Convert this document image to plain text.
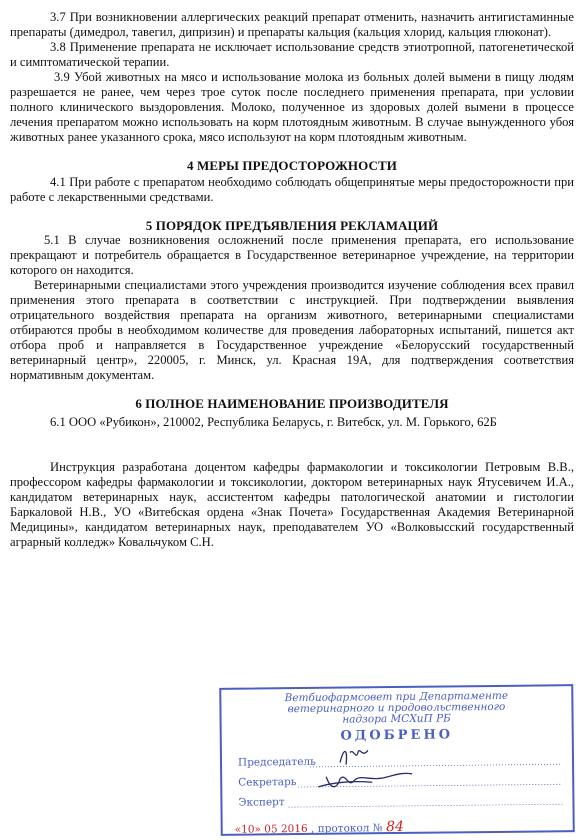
3.7 При возникновении аллергических реакций препарат отменить, назначить антигистаминные препараты (димедрол, тавегил, дипризин) и препараты кальция (кальция хлорид, кальция глюконат).

3.8 Применение препарата не исключает использование средств этиотропной, патогенетической и симптоматической терапии.

3.9 Убой животных на мясо и использование молока из больных долей вымени в пищу людям разрешается не ранее, чем через трое суток после последнего применения препарата, при условии полного клинического выздоровления. Молоко, полученное из здоровых долей вымени в процессе лечения препаратом можно использовать на корм плотоядным животным. В случае вынужденного убоя животных ранее указанного срока, мясо используют на корм плотоядным животным.

4 МЕРЫ ПРЕДОСТОРОЖНОСТИ

4.1 При работе с препаратом необходимо соблюдать общепринятые меры предосторожности при работе с лекарственными средствами.

5 ПОРЯДОК ПРЕДЪЯВЛЕНИЯ РЕКЛАМАЦИЙ

5.1 В случае возникновения осложнений после применения препарата, его использование прекращают и потребитель обращается в Государственное ветеринарное учреждение, на территории которого он находится.

Ветеринарными специалистами этого учреждения производится изучение соблюдения всех правил применения этого препарата в соответствии с инструкцией. При подтверждении выявления отрицательного воздействия препарата на организм животного, ветеринарными специалистами отбираются пробы в необходимом количестве для проведения лабораторных испытаний, пишется акт отбора проб и направляется в Государственное учреждение «Белорусский государственный ветеринарный центр», 220005, г. Минск, ул. Красная 19А, для подтверждения соответствия нормативным документам.

6 ПОЛНОЕ НАИМЕНОВАНИЕ ПРОИЗВОДИТЕЛЯ

6.1 ООО «Рубикон», 210002, Республика Беларусь, г. Витебск, ул. М. Горького, 62Б

Инструкция разработана доцентом кафедры фармакологии и токсикологии Петровым В.В., профессором кафедры фармакологии и токсикологии, доктором ветеринарных наук Ятусевичем И.А., кандидатом ветеринарных наук, ассистентом кафедры патологической анатомии и гистологии Баркаловой Н.В., УО «Витебская ордена «Знак Почета» Государственная Академия Ветеринарной Медицины», кандидатом ветеринарных наук, преподавателем УО «Волковысский государственный аграрный колледж» Ковальчуком С.Н.

Ветбиофармсовет при Департаменте
ветеринарного и продовольственного
надзора МСХиП РБ
ОДОБРЕНО
Председатель
Секретарь
Эксперт
«10» 05 2016 , протокол № 84
